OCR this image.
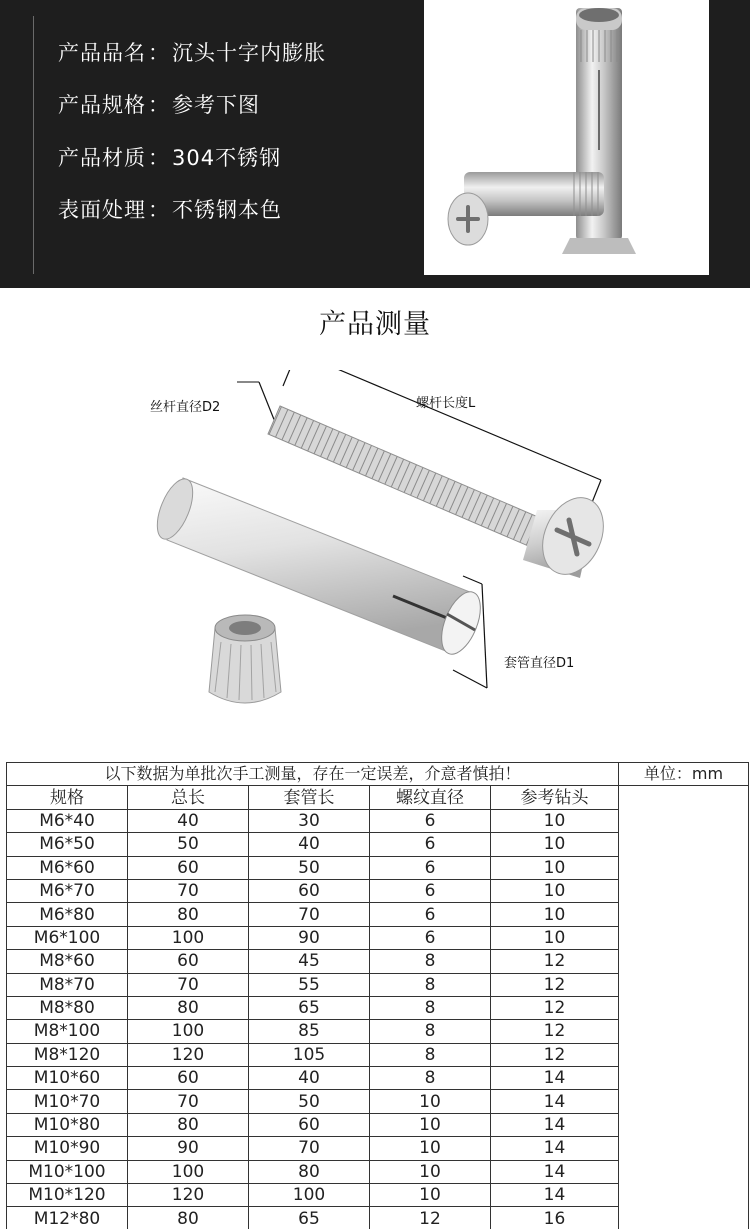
产品品名：沉头十字内膨胀
产品规格：参考下图
产品材质：304不锈钢
表面处理：不锈钢本色
产品测量
丝杆直径D2	螺杆长度L
套管直径D1
以下数据为单批次手工测量，存在一定误差，介意者慎拍！					单位：mm
规格	总长	套管长	螺纹直径	参考钻头	
M6*40	40	30	6	10	
M6*50	50	40	6	10	
M6*60	60	50	6	10	
M6*70	70	60	6	10	
M6*80	80	70	6	10	
M6*100	100	90	6	10	
M8*60	60	45	8	12	
M8*70	70	55	8	12	
M8*80	80	65	8	12	
M8*100	100	85	8	12	
M8*120	120	105	8	12	
M10*60	60	40	8	14	
M10*70	70	50	10	14	
M10*80	80	60	10	14	
M10*90	90	70	10	14	
M10*100	100	80	10	14	
M10*120	120	100	10	14	
M12*80	80	65	12	16	
